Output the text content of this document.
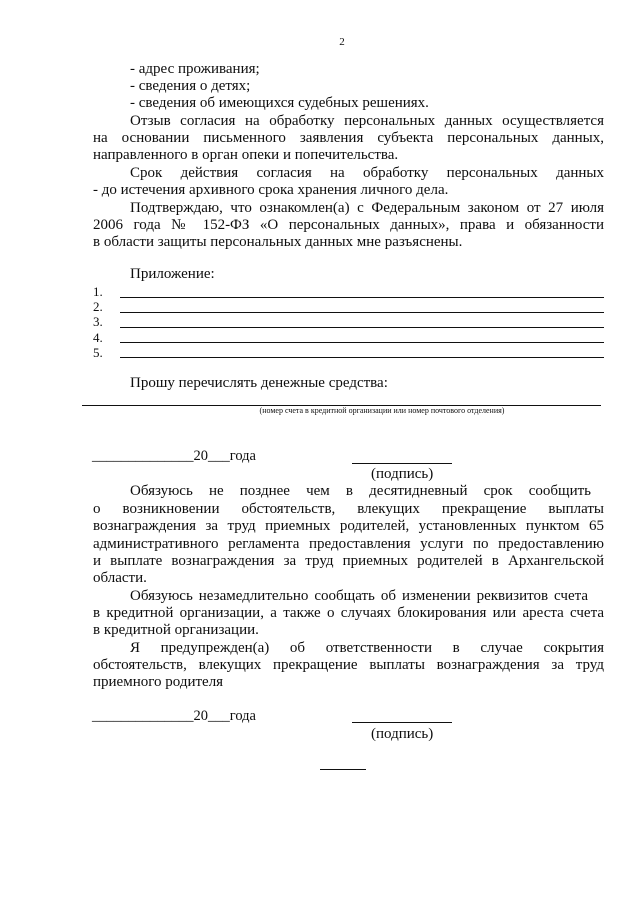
2
- адрес проживания;
- сведения о детях;
- сведения об имеющихся судебных решениях.
Отзыв согласия на обработку персональных данных осуществляется
на основании письменного заявления субъекта персональных данных,
направленного в орган опеки и попечительства.
Срок действия согласия на обработку персональных данных
- до истечения архивного срока хранения личного дела.
Подтверждаю, что ознакомлен(а) с Федеральным законом от 27 июля
2006 года № 152-ФЗ «О персональных данных», права и обязанности
в области защиты персональных данных мне разъяснены.
Приложение:
1.
2.
3.
4.
5.
Прошу перечислять денежные средства:
(номер счета в кредитной организации или номер почтового отделения)
______________20___года
(подпись)
Обязуюсь не позднее чем в десятидневный срок сообщить
о возникновении обстоятельств, влекущих прекращение выплаты
вознаграждения за труд приемных родителей, установленных пунктом 65
административного регламента предоставления услуги по предоставлению
и выплате вознаграждения за труд приемных родителей в Архангельской
области.
Обязуюсь незамедлительно сообщать об изменении реквизитов счета
в кредитной организации, а также о случаях блокирования или ареста счета
в кредитной организации.
Я предупрежден(а) об ответственности в случае сокрытия
обстоятельств, влекущих прекращение выплаты вознаграждения за труд
приемного родителя
______________20___года
(подпись)
